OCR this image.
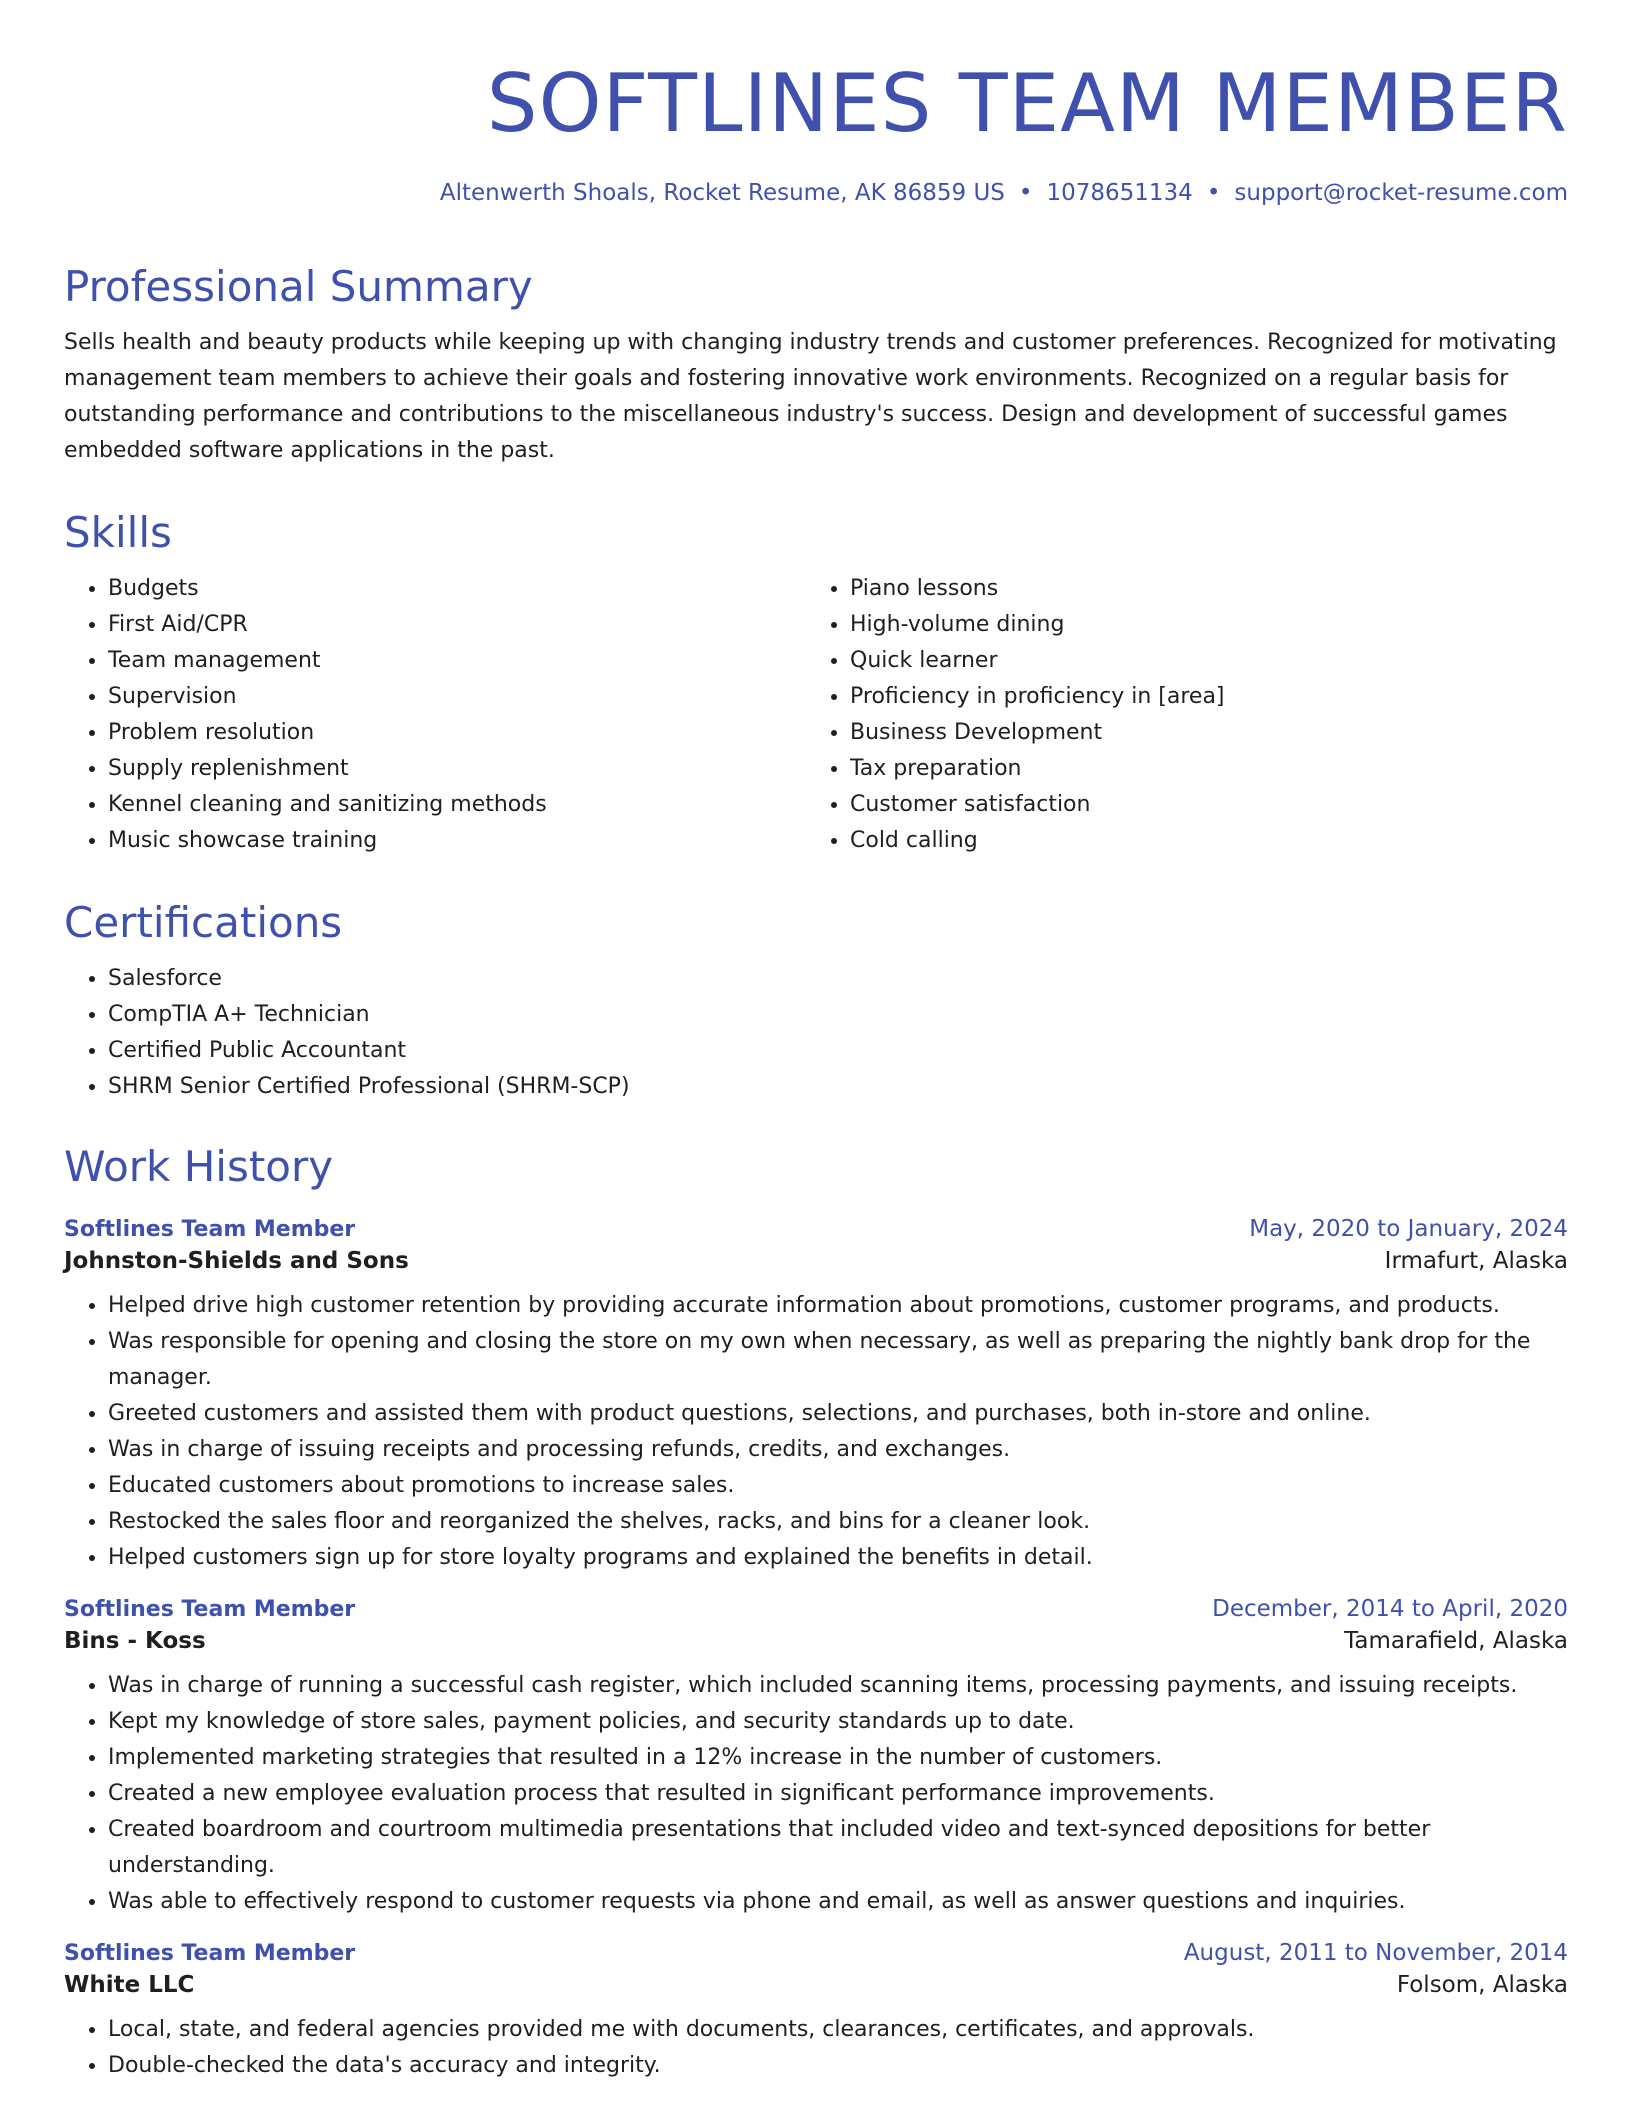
SOFTLINES TEAM MEMBER
Altenwerth Shoals, Rocket Resume, AK 86859 US • 1078651134 • support@rocket-resume.com
Professional Summary

Sells health and beauty products while keeping up with changing industry trends and customer preferences. Recognized for motivating management team members to achieve their goals and fostering innovative work environments. Recognized on a regular basis for outstanding performance and contributions to the miscellaneous industry's success. Design and development of successful games embedded software applications in the past.

Skills
• Budgets
• First Aid/CPR
• Team management
• Supervision
• Problem resolution
• Supply replenishment
• Kennel cleaning and sanitizing methods
• Music showcase training
• Piano lessons
• High-volume dining
• Quick learner
• Proficiency in proficiency in [area]
• Business Development
• Tax preparation
• Customer satisfaction
• Cold calling
Certifications
• Salesforce
• CompTIA A+ Technician
• Certified Public Accountant
• SHRM Senior Certified Professional (SHRM-SCP)
Work History
Softlines Team Member	May, 2020 to January, 2024
Johnston-Shields and Sons	Irmafurt, Alaska
• Helped drive high customer retention by providing accurate information about promotions, customer programs, and products.
• Was responsible for opening and closing the store on my own when necessary, as well as preparing the nightly bank drop for the manager.
• Greeted customers and assisted them with product questions, selections, and purchases, both in-store and online.
• Was in charge of issuing receipts and processing refunds, credits, and exchanges.
• Educated customers about promotions to increase sales.
• Restocked the sales floor and reorganized the shelves, racks, and bins for a cleaner look.
• Helped customers sign up for store loyalty programs and explained the benefits in detail.
Softlines Team Member	December, 2014 to April, 2020
Bins - Koss	Tamarafield, Alaska
• Was in charge of running a successful cash register, which included scanning items, processing payments, and issuing receipts.
• Kept my knowledge of store sales, payment policies, and security standards up to date.
• Implemented marketing strategies that resulted in a 12% increase in the number of customers.
• Created a new employee evaluation process that resulted in significant performance improvements.
• Created boardroom and courtroom multimedia presentations that included video and text-synced depositions for better understanding.
• Was able to effectively respond to customer requests via phone and email, as well as answer questions and inquiries.
Softlines Team Member	August, 2011 to November, 2014
White LLC	Folsom, Alaska
• Local, state, and federal agencies provided me with documents, clearances, certificates, and approvals.
• Double-checked the data's accuracy and integrity.
